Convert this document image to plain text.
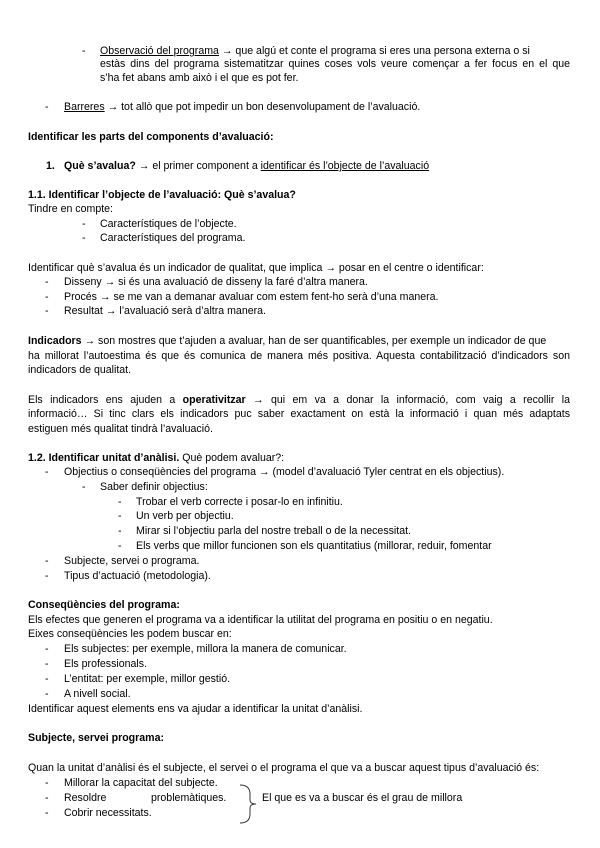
- Observació del programa → que algú et conte el programa si eres una persona externa o si
estàs dins del programa sistematitzar quines coses vols veure començar a fer focus en el que
s’ha fet abans amb això i el que es pot fer.
- Barreres → tot allò que pot impedir un bon desenvolupament de l’avaluació.
Identificar les parts del components d’avaluació:
1. Què s’avalua? → el primer component a identificar és l’objecte de l’avaluació
1.1. Identificar l’objecte de l’avaluació: Què s’avalua?
Tindre en compte:
- Característiques de l’objecte.
- Característiques del programa.
Identificar què s’avalua és un indicador de qualitat, que implica → posar en el centre o identificar:
- Disseny → si és una avaluació de disseny la faré d’altra manera.
- Procés → se me van a demanar avaluar com estem fent-ho serà d’una manera.
- Resultat → l’avaluació serà d’altra manera.
Indicadors → son mostres que t’ajuden a avaluar, han de ser quantificables, per exemple un indicador de que
ha millorat l’autoestima és que és comunica de manera més positiva. Aquesta contabilització d’indicadors son
indicadors de qualitat.
Els indicadors ens ajuden a operativitzar → qui em va a donar la informació, com vaig a recollir la
informació… Si tinc clars els indicadors puc saber exactament on està la informació i quan més adaptats
estiguen més qualitat tindrà l’avaluació.
1.2. Identificar unitat d’anàlisi. Què podem avaluar?:
- Objectius o conseqüències del programa → (model d’avaluació Tyler centrat en els objectius).
- Saber definir objectius:
- Trobar el verb correcte i posar-lo en infinitiu.
- Un verb per objectiu.
- Mirar si l’objectiu parla del nostre treball o de la necessitat.
- Els verbs que millor funcionen son els quantitatius (millorar, reduir, fomentar
- Subjecte, servei o programa.
- Tipus d’actuació (metodologia).
Conseqüències del programa:
Els efectes que generen el programa va a identificar la utilitat del programa en positiu o en negatiu.
Eixes conseqüències les podem buscar en:
- Els subjectes: per exemple, millora la manera de comunicar.
- Els professionals.
- L’entitat: per exemple, millor gestió.
- A nivell social.
Identificar aquest elements ens va ajudar a identificar la unitat d’anàlisi.
Subjecte, servei programa:
Quan la unitat d’anàlisi és el subjecte, el servei o el programa el que va a buscar aquest tipus d’avaluació és:
- Millorar la capacitat del subjecte.
- Resoldre	problemàtiques.
- Cobrir necessitats.
El que es va a buscar és el grau de millora
